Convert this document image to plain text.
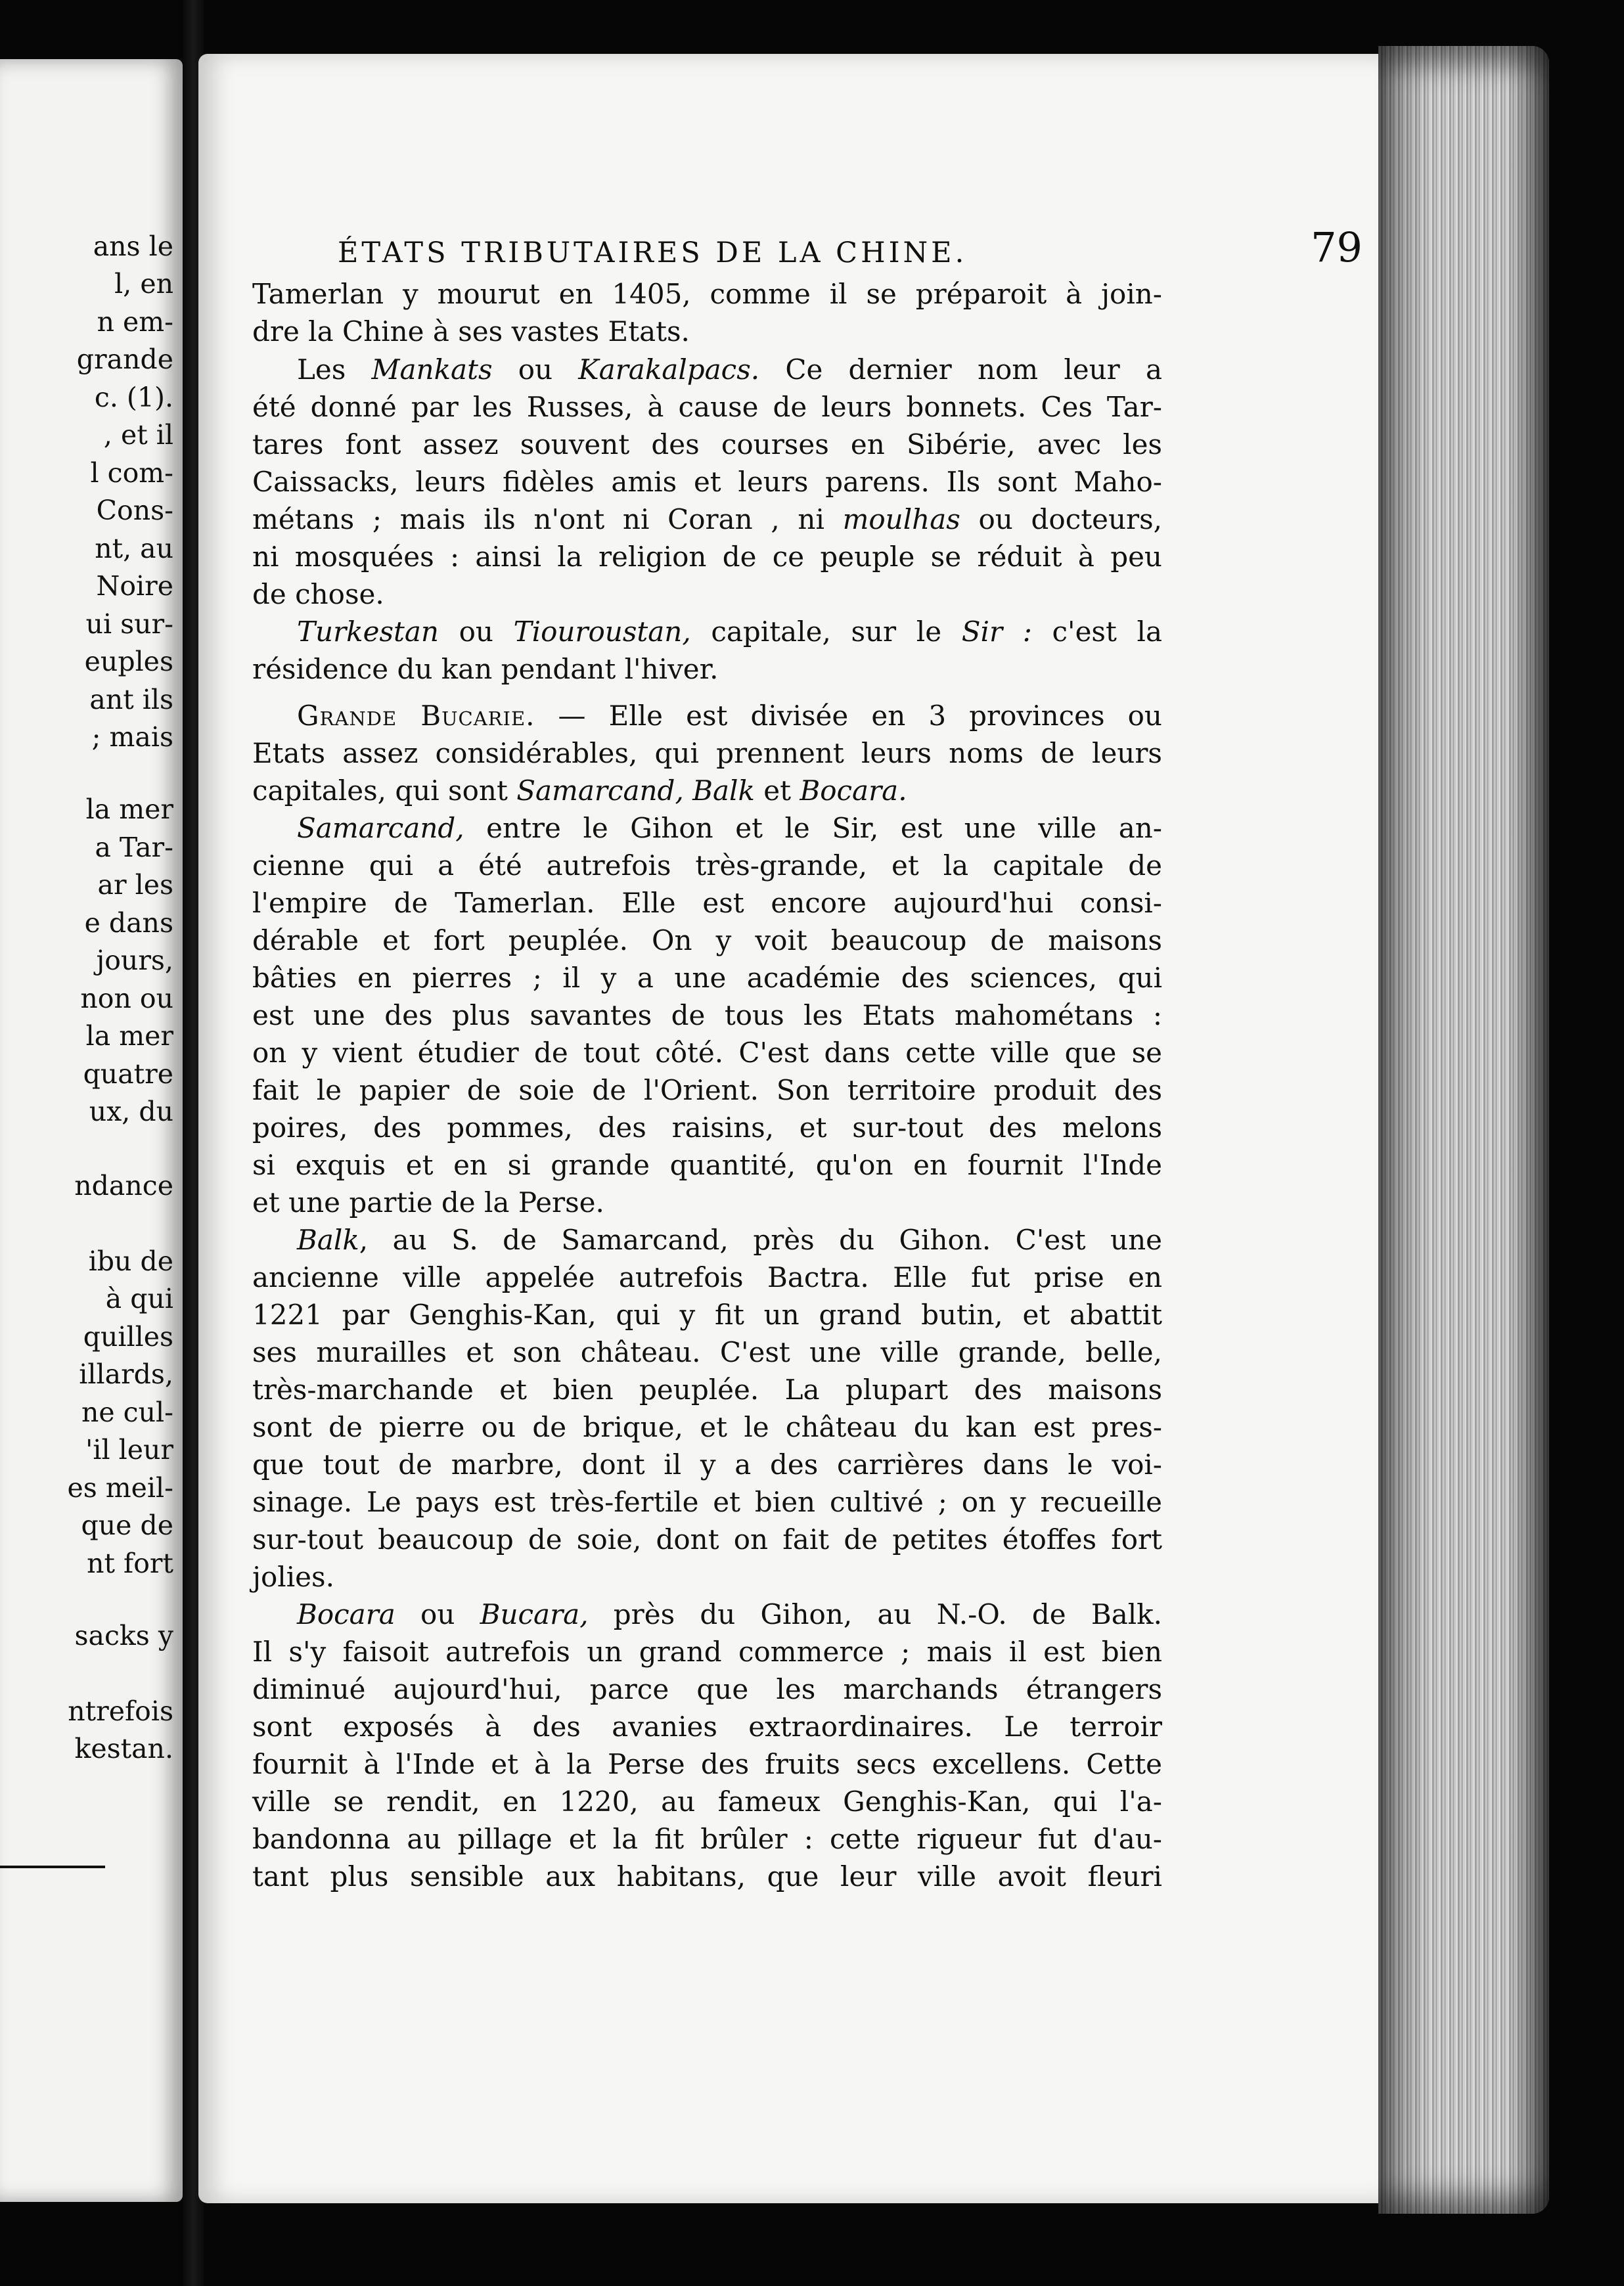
ans le
l, en
n em-
grande
c. (1).
, et il
l com-
Cons-
nt, au
Noire
ui sur-
euples
ant ils
; mais
la mer
a Tar-
ar les
e dans
jours,
non ou
la mer
quatre
ux, du
ndance
ibu de
à qui
quilles
illards,
ne cul-
'il leur
es meil-
que de
nt fort
sacks y
ntrefois
kestan.
ÉTATS TRIBUTAIRES DE LA CHINE.	79
Tamerlan y mourut en 1405, comme il se préparoit à join-
dre la Chine à ses vastes Etats.
Les Mankats ou Karakalpacs. Ce dernier nom leur a
été donné par les Russes, à cause de leurs bonnets. Ces Tar-
tares font assez souvent des courses en Sibérie, avec les
Caissacks, leurs fidèles amis et leurs parens. Ils sont Maho-
métans ; mais ils n'ont ni Coran , ni moulhas ou docteurs,
ni mosquées : ainsi la religion de ce peuple se réduit à peu
de chose.
Turkestan ou Tiouroustan, capitale, sur le Sir : c'est la
résidence du kan pendant l'hiver.
Grande Bucarie. — Elle est divisée en 3 provinces ou
Etats assez considérables, qui prennent leurs noms de leurs
capitales, qui sont Samarcand, Balk et Bocara.
Samarcand, entre le Gihon et le Sir, est une ville an-
cienne qui a été autrefois très-grande, et la capitale de
l'empire de Tamerlan. Elle est encore aujourd'hui consi-
dérable et fort peuplée. On y voit beaucoup de maisons
bâties en pierres ; il y a une académie des sciences, qui
est une des plus savantes de tous les Etats mahométans :
on y vient étudier de tout côté. C'est dans cette ville que se
fait le papier de soie de l'Orient. Son territoire produit des
poires, des pommes, des raisins, et sur-tout des melons
si exquis et en si grande quantité, qu'on en fournit l'Inde
et une partie de la Perse.
Balk, au S. de Samarcand, près du Gihon. C'est une
ancienne ville appelée autrefois Bactra. Elle fut prise en
1221 par Genghis-Kan, qui y fit un grand butin, et abattit
ses murailles et son château. C'est une ville grande, belle,
très-marchande et bien peuplée. La plupart des maisons
sont de pierre ou de brique, et le château du kan est pres-
que tout de marbre, dont il y a des carrières dans le voi-
sinage. Le pays est très-fertile et bien cultivé ; on y recueille
sur-tout beaucoup de soie, dont on fait de petites étoffes fort
jolies.
Bocara ou Bucara, près du Gihon, au N.-O. de Balk.
Il s'y faisoit autrefois un grand commerce ; mais il est bien
diminué aujourd'hui, parce que les marchands étrangers
sont exposés à des avanies extraordinaires. Le terroir
fournit à l'Inde et à la Perse des fruits secs excellens. Cette
ville se rendit, en 1220, au fameux Genghis-Kan, qui l'a-
bandonna au pillage et la fit brûler : cette rigueur fut d'au-
tant plus sensible aux habitans, que leur ville avoit fleuri
